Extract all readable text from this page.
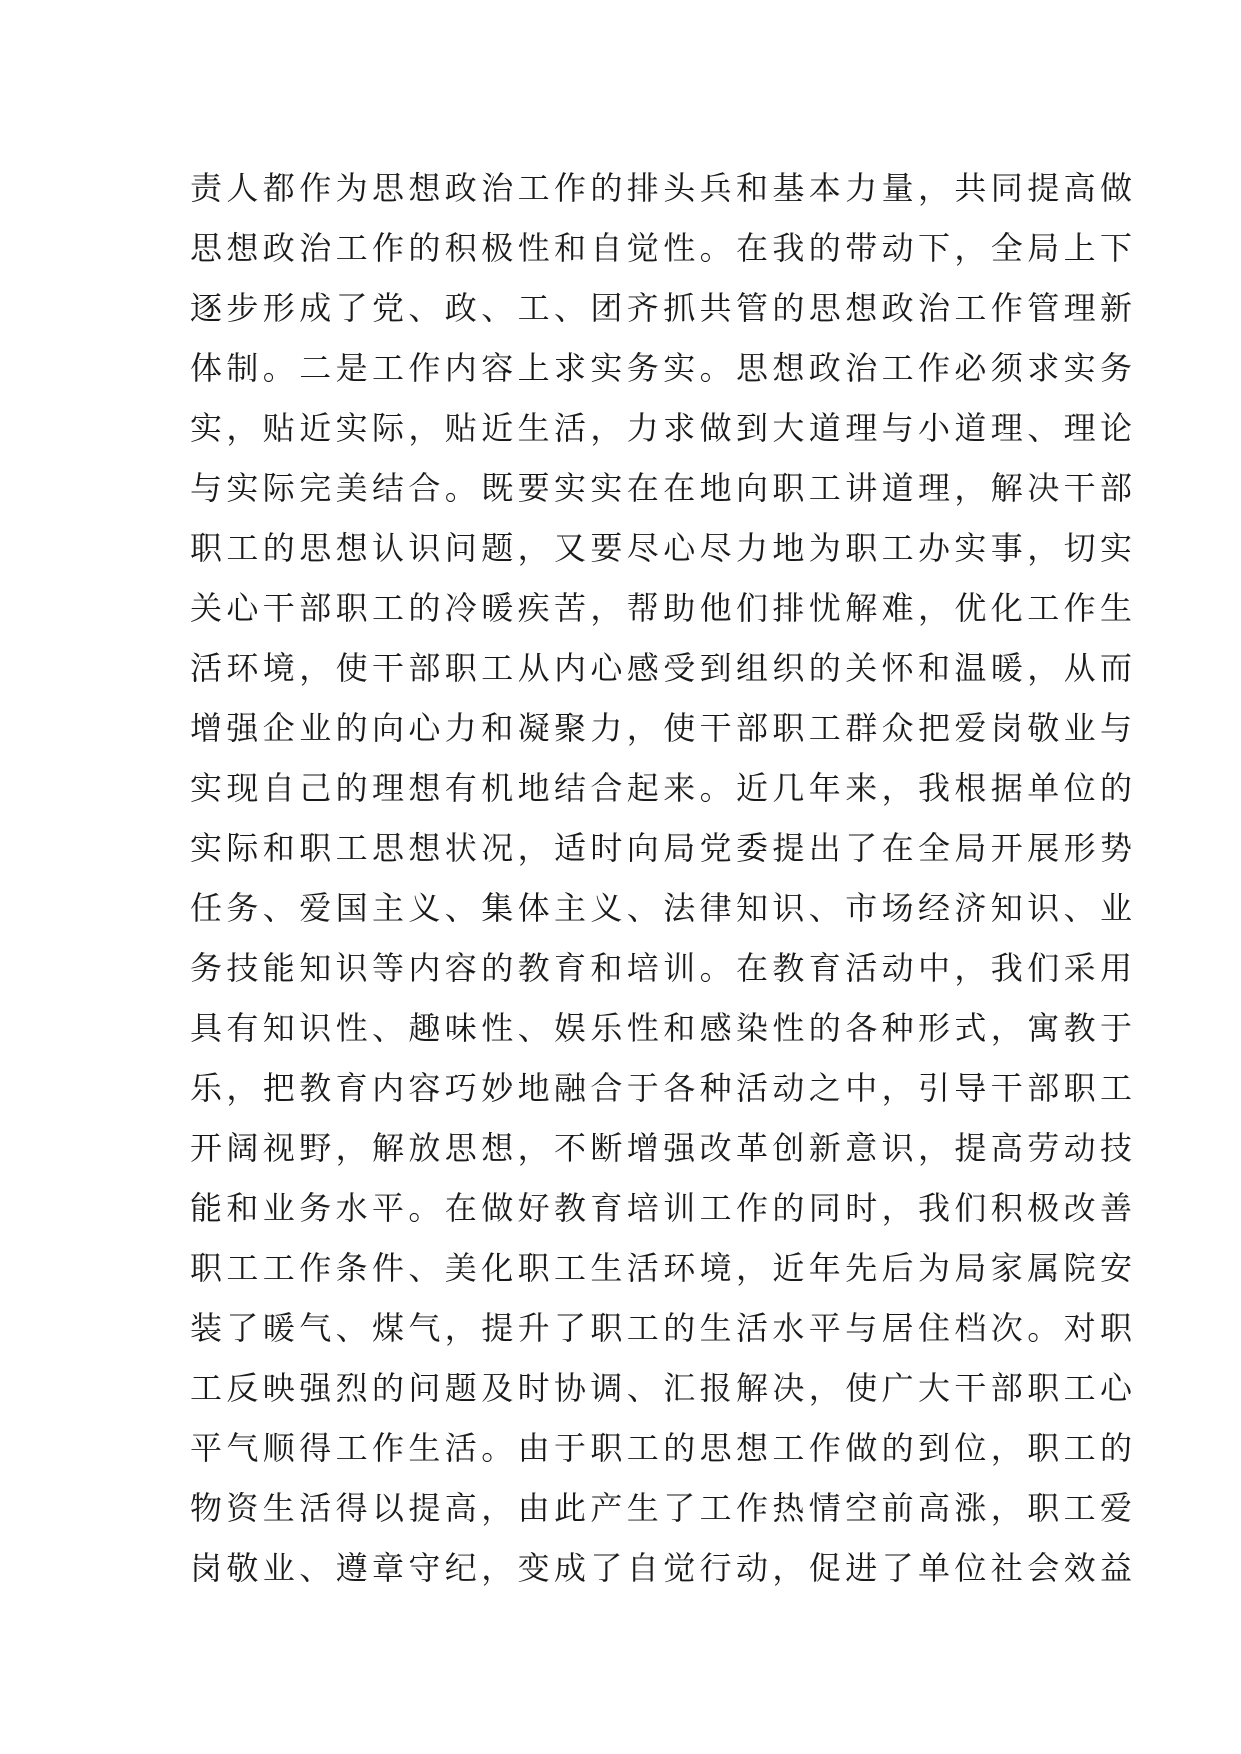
责人都作为思想政治工作的排头兵和基本力量，共同提高做
思想政治工作的积极性和自觉性。在我的带动下，全局上下
逐步形成了党、政、工、团齐抓共管的思想政治工作管理新
体制。二是工作内容上求实务实。思想政治工作必须求实务
实，贴近实际，贴近生活，力求做到大道理与小道理、理论
与实际完美结合。既要实实在在地向职工讲道理，解决干部
职工的思想认识问题，又要尽心尽力地为职工办实事，切实
关心干部职工的冷暖疾苦，帮助他们排忧解难，优化工作生
活环境，使干部职工从内心感受到组织的关怀和温暖，从而
增强企业的向心力和凝聚力，使干部职工群众把爱岗敬业与
实现自己的理想有机地结合起来。近几年来，我根据单位的
实际和职工思想状况，适时向局党委提出了在全局开展形势
任务、爱国主义、集体主义、法律知识、市场经济知识、业
务技能知识等内容的教育和培训。在教育活动中，我们采用
具有知识性、趣味性、娱乐性和感染性的各种形式，寓教于
乐，把教育内容巧妙地融合于各种活动之中，引导干部职工
开阔视野，解放思想，不断增强改革创新意识，提高劳动技
能和业务水平。在做好教育培训工作的同时，我们积极改善
职工工作条件、美化职工生活环境，近年先后为局家属院安
装了暖气、煤气，提升了职工的生活水平与居住档次。对职
工反映强烈的问题及时协调、汇报解决，使广大干部职工心
平气顺得工作生活。由于职工的思想工作做的到位，职工的
物资生活得以提高，由此产生了工作热情空前高涨，职工爱
岗敬业、遵章守纪，变成了自觉行动，促进了单位社会效益
